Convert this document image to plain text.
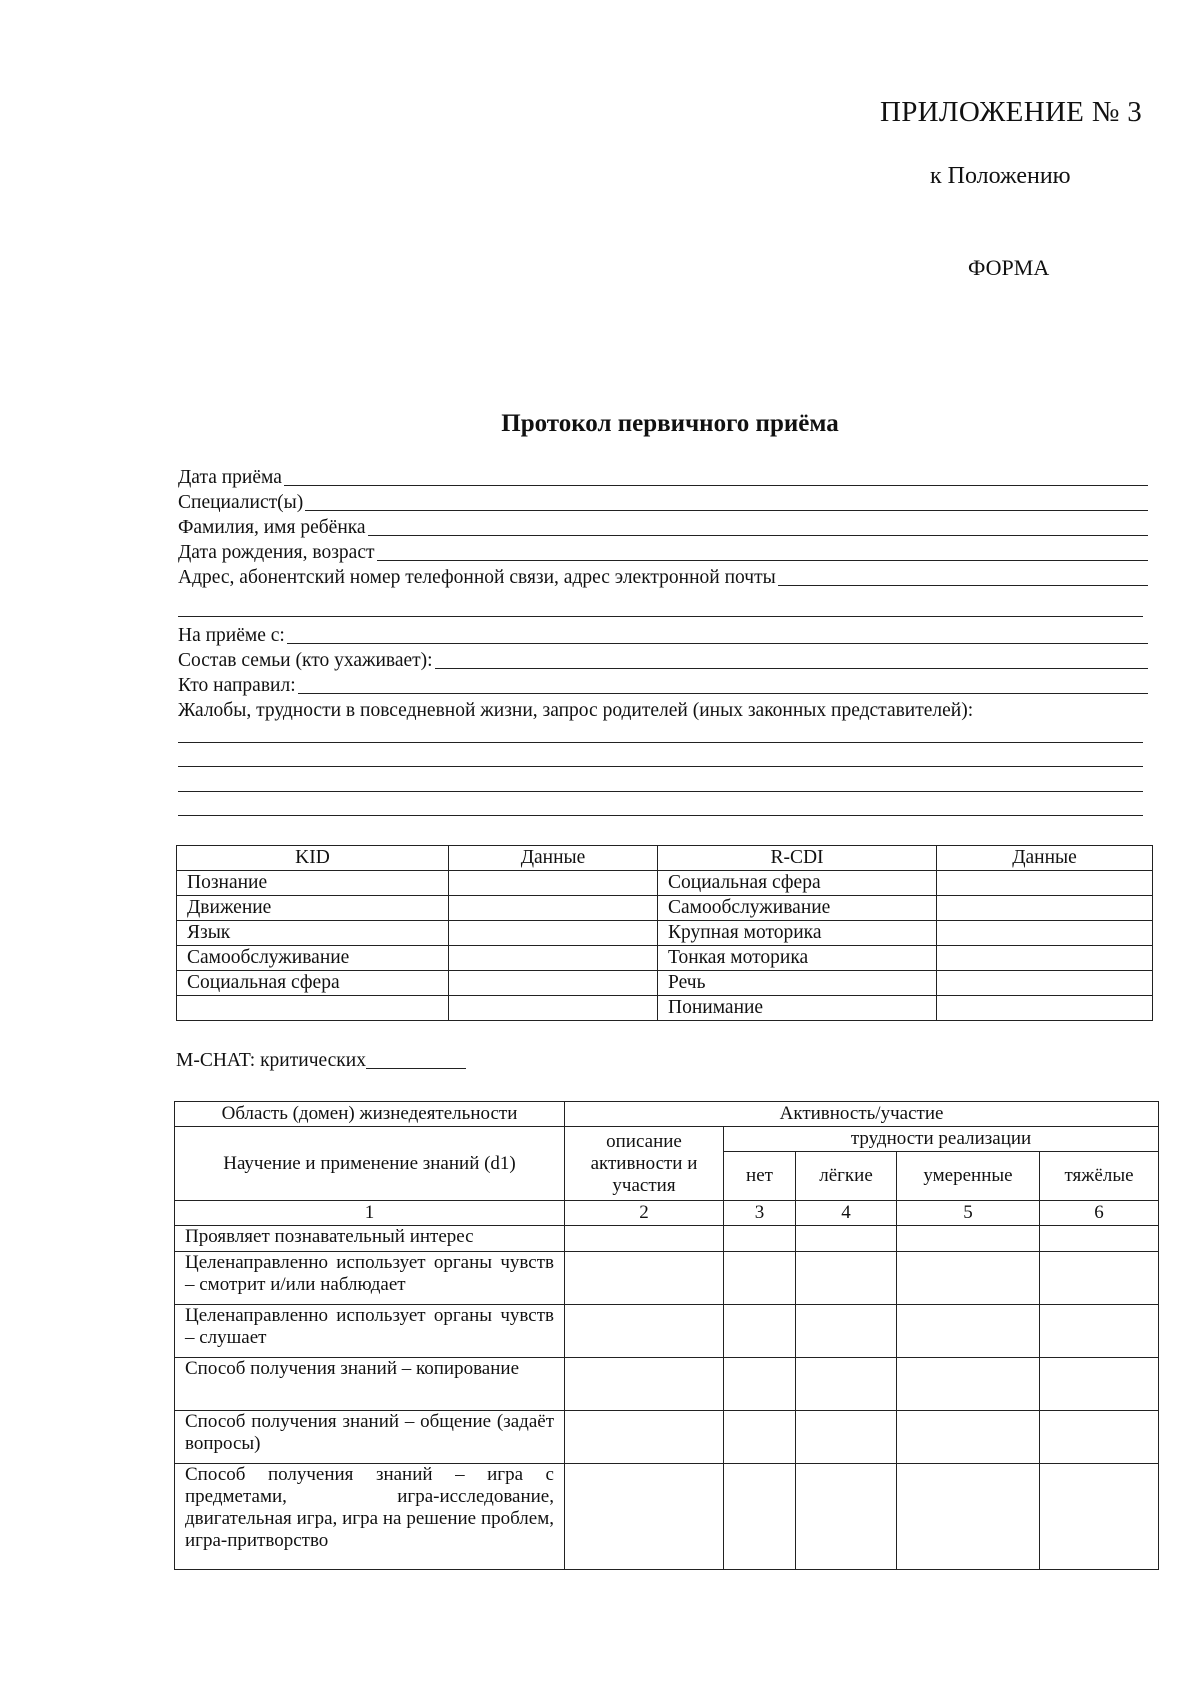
ПРИЛОЖЕНИЕ № 3
к Положению
ФОРМА
Протокол первичного приёма
Дата приёма
Специалист(ы)
Фамилия, имя ребёнка
Дата рождения, возраст
Адрес, абонентский номер телефонной связи, адрес электронной почты
На приёме с:
Состав семьи (кто ухаживает):
Кто направил:
Жалобы, трудности в повседневной жизни, запрос родителей (иных законных представителей):
KID	Данные	R-CDI	Данные
Познание		Социальная сфера	
Движение		Самообслуживание	
Язык		Крупная моторика	
Самообслуживание		Тонкая моторика	
Социальная сфера		Речь	
		Понимание	
M-CHAT: критических
Область (домен) жизнедеятельности	Активность/участие				
Научение и применение знаний (d1)	описание активности и участия	трудности реализации			
		нет	лёгкие	умеренные	тяжёлые
1	2	3	4	5	6
Проявляет познавательный интерес					
Целенаправленно использует органы чувств – смотрит и/или наблюдает					
Целенаправленно использует органы чувств – слушает					
Способ получения знаний – копирование					
Способ получения знаний – общение (задаёт вопросы)					
Способ получения знаний – игра с предметами, игра-исследование, двигательная игра, игра на решение проблем, игра-притворство					
